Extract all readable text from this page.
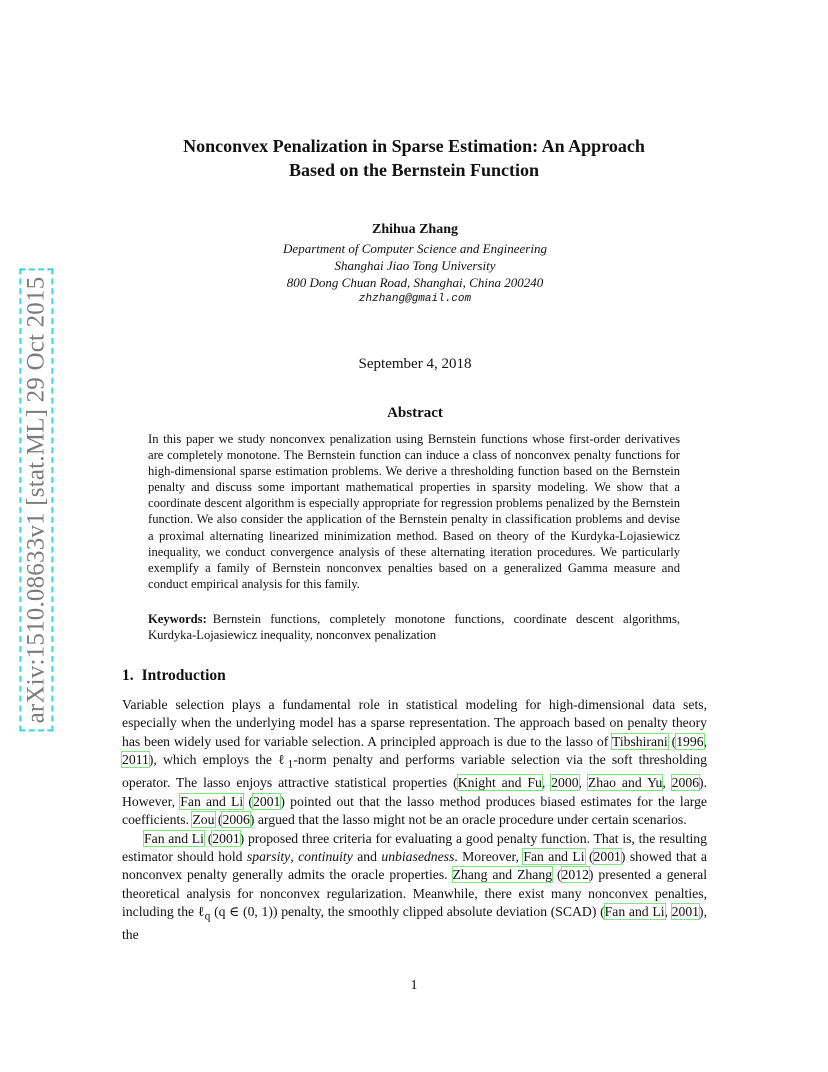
arXiv:1510.08633v1 [stat.ML] 29 Oct 2015
Nonconvex Penalization in Sparse Estimation: An Approach
Based on the Bernstein Function
Zhihua Zhang
Department of Computer Science and Engineering
Shanghai Jiao Tong University
800 Dong Chuan Road, Shanghai, China 200240
zhzhang@gmail.com
September 4, 2018
Abstract
In this paper we study nonconvex penalization using Bernstein functions whose first-order derivatives are completely monotone. The Bernstein function can induce a class of nonconvex penalty functions for high-dimensional sparse estimation problems. We derive a thresholding function based on the Bernstein penalty and discuss some important mathematical properties in sparsity modeling. We show that a coordinate descent algorithm is especially appropriate for regression problems penalized by the Bernstein function. We also consider the application of the Bernstein penalty in classification problems and devise a proximal alternating linearized minimization method. Based on theory of the Kurdyka-Lojasiewicz inequality, we conduct convergence analysis of these alternating iteration procedures. We particularly exemplify a family of Bernstein nonconvex penalties based on a generalized Gamma measure and conduct empirical analysis for this family.
Keywords: Bernstein functions, completely monotone functions, coordinate descent algorithms, Kurdyka-Lojasiewicz inequality, nonconvex penalization
1. Introduction

Variable selection plays a fundamental role in statistical modeling for high-dimensional data sets, especially when the underlying model has a sparse representation. The approach based on penalty theory has been widely used for variable selection. A principled approach is due to the lasso of Tibshirani (1996, 2011), which employs the ℓ$_1$-norm penalty and performs variable selection via the soft thresholding operator. The lasso enjoys attractive statistical properties (Knight and Fu, 2000, Zhao and Yu, 2006). However, Fan and Li (2001) pointed out that the lasso method produces biased estimates for the large coefficients. Zou (2006) argued that the lasso might not be an oracle procedure under certain scenarios.

Fan and Li (2001) proposed three criteria for evaluating a good penalty function. That is, the resulting estimator should hold sparsity, continuity and unbiasedness. Moreover, Fan and Li (2001) showed that a nonconvex penalty generally admits the oracle properties. Zhang and Zhang (2012) presented a general theoretical analysis for nonconvex regularization. Meanwhile, there exist many nonconvex penalties, including the ℓ$_q$ (q ∈ (0, 1)) penalty, the smoothly clipped absolute deviation (SCAD) (Fan and Li, 2001), the

1
